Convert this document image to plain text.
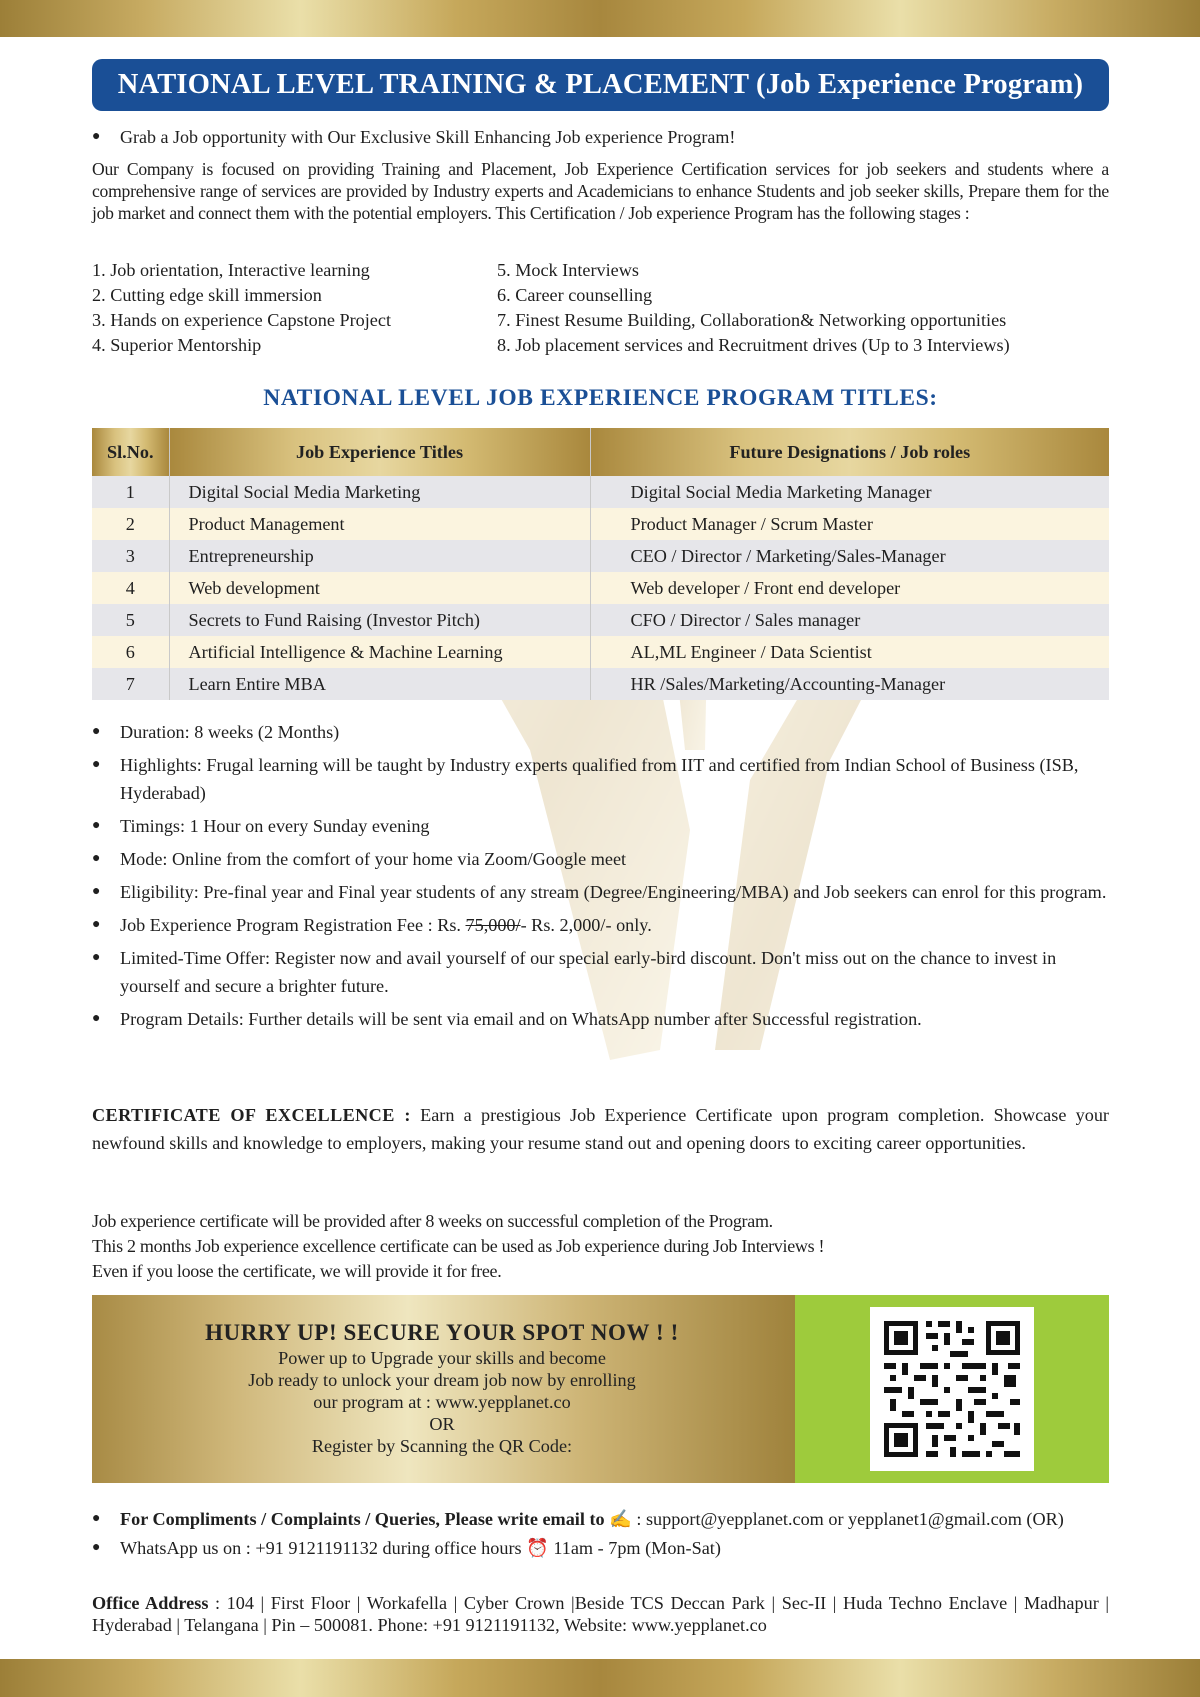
NATIONAL LEVEL TRAINING & PLACEMENT (Job Experience Program)
● Grab a Job opportunity with Our Exclusive Skill Enhancing Job experience Program!

Our Company is focused on providing Training and Placement, Job Experience Certification services for job seekers and students where a comprehensive range of services are provided by Industry experts and Academicians to enhance Students and job seeker skills, Prepare them for the job market and connect them with the potential employers. This Certification / Job experience Program has the following stages :

1. Job orientation, Interactive learning
2. Cutting edge skill immersion
3. Hands on experience Capstone Project
4. Superior Mentorship
5. Mock Interviews
6. Career counselling
7. Finest Resume Building, Collaboration& Networking opportunities
8. Job placement services and Recruitment drives (Up to 3 Interviews)
NATIONAL LEVEL JOB EXPERIENCE PROGRAM TITLES:
Sl.No.	Job Experience Titles	Future Designations / Job roles
1	Digital Social Media Marketing	Digital Social Media Marketing Manager
2	Product Management	Product Manager / Scrum Master
3	Entrepreneurship	CEO / Director / Marketing/Sales-Manager
4	Web development	Web developer / Front end developer
5	Secrets to Fund Raising (Investor Pitch)	CFO / Director / Sales manager
6	Artificial Intelligence & Machine Learning	AL,ML Engineer / Data Scientist
7	Learn Entire MBA	HR /Sales/Marketing/Accounting-Manager
● Duration: 8 weeks (2 Months)
● Highlights: Frugal learning will be taught by Industry experts qualified from IIT and certified from Indian School of Business (ISB, Hyderabad)
● Timings: 1 Hour on every Sunday evening
● Mode: Online from the comfort of your home via Zoom/Google meet
● Eligibility: Pre-final year and Final year students of any stream (Degree/Engineering/MBA) and Job seekers can enrol for this program.
● Job Experience Program Registration Fee : Rs. 75,000/- Rs. 2,000/- only.
● Limited-Time Offer: Register now and avail yourself of our special early-bird discount. Don't miss out on the chance to invest in yourself and secure a brighter future.
● Program Details: Further details will be sent via email and on WhatsApp number after Successful registration.

CERTIFICATE OF EXCELLENCE : Earn a prestigious Job Experience Certificate upon program completion. Showcase your newfound skills and knowledge to employers, making your resume stand out and opening doors to exciting career opportunities.

Job experience certificate will be provided after 8 weeks on successful completion of the Program.
This 2 months Job experience excellence certificate can be used as Job experience during Job Interviews !
Even if you loose the certificate, we will provide it for free.
HURRY UP! SECURE YOUR SPOT NOW ! !
Power up to Upgrade your skills and become
Job ready to unlock your dream job now by enrolling
our program at : www.yepplanet.co
OR
Register by Scanning the QR Code:
● For Compliments / Complaints / Queries, Please write email to ✍ : support@yepplanet.com or yepplanet1@gmail.com (OR)
● WhatsApp us on : +91 9121191132 during office hours ⏰ 11am - 7pm (Mon-Sat)

Office Address : 104 | First Floor | Workafella | Cyber Crown |Beside TCS Deccan Park | Sec-II | Huda Techno Enclave | Madhapur | Hyderabad | Telangana | Pin – 500081. Phone: +91 9121191132, Website: www.yepplanet.co
